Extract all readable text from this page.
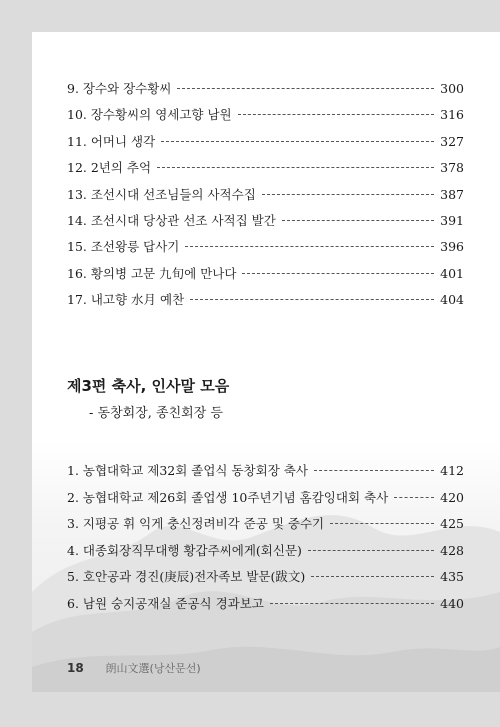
9. 장수와 장수황씨	300
10. 장수황씨의 영세고향 남원	316
11. 어머니 생각	327
12. 2년의 추억	378
13. 조선시대 선조님들의 사적수집	387
14. 조선시대 당상관 선조 사적집 발간	391
15. 조선왕릉 답사기	396
16. 황의병 고문 九旬에 만나다	401
17. 내고향 水月 예찬	404
제3편 축사, 인사말 모음
- 동창회장, 종친회장 등
1. 농협대학교 제32회 졸업식 동창회장 축사	412
2. 농협대학교 제26회 졸업생 10주년기념 홈캄잉대회 축사	420
3. 지평공 휘 익게 충신정려비각 준공 및 중수기	425
4. 대종회장직무대행 황갑주씨에게(회신문)	428
5. 호안공과 경진(庚辰)전자족보 발문(跋文)	435
6. 남원 숭지공재실 준공식 경과보고	440
18 朗山文選(낭산문선)
